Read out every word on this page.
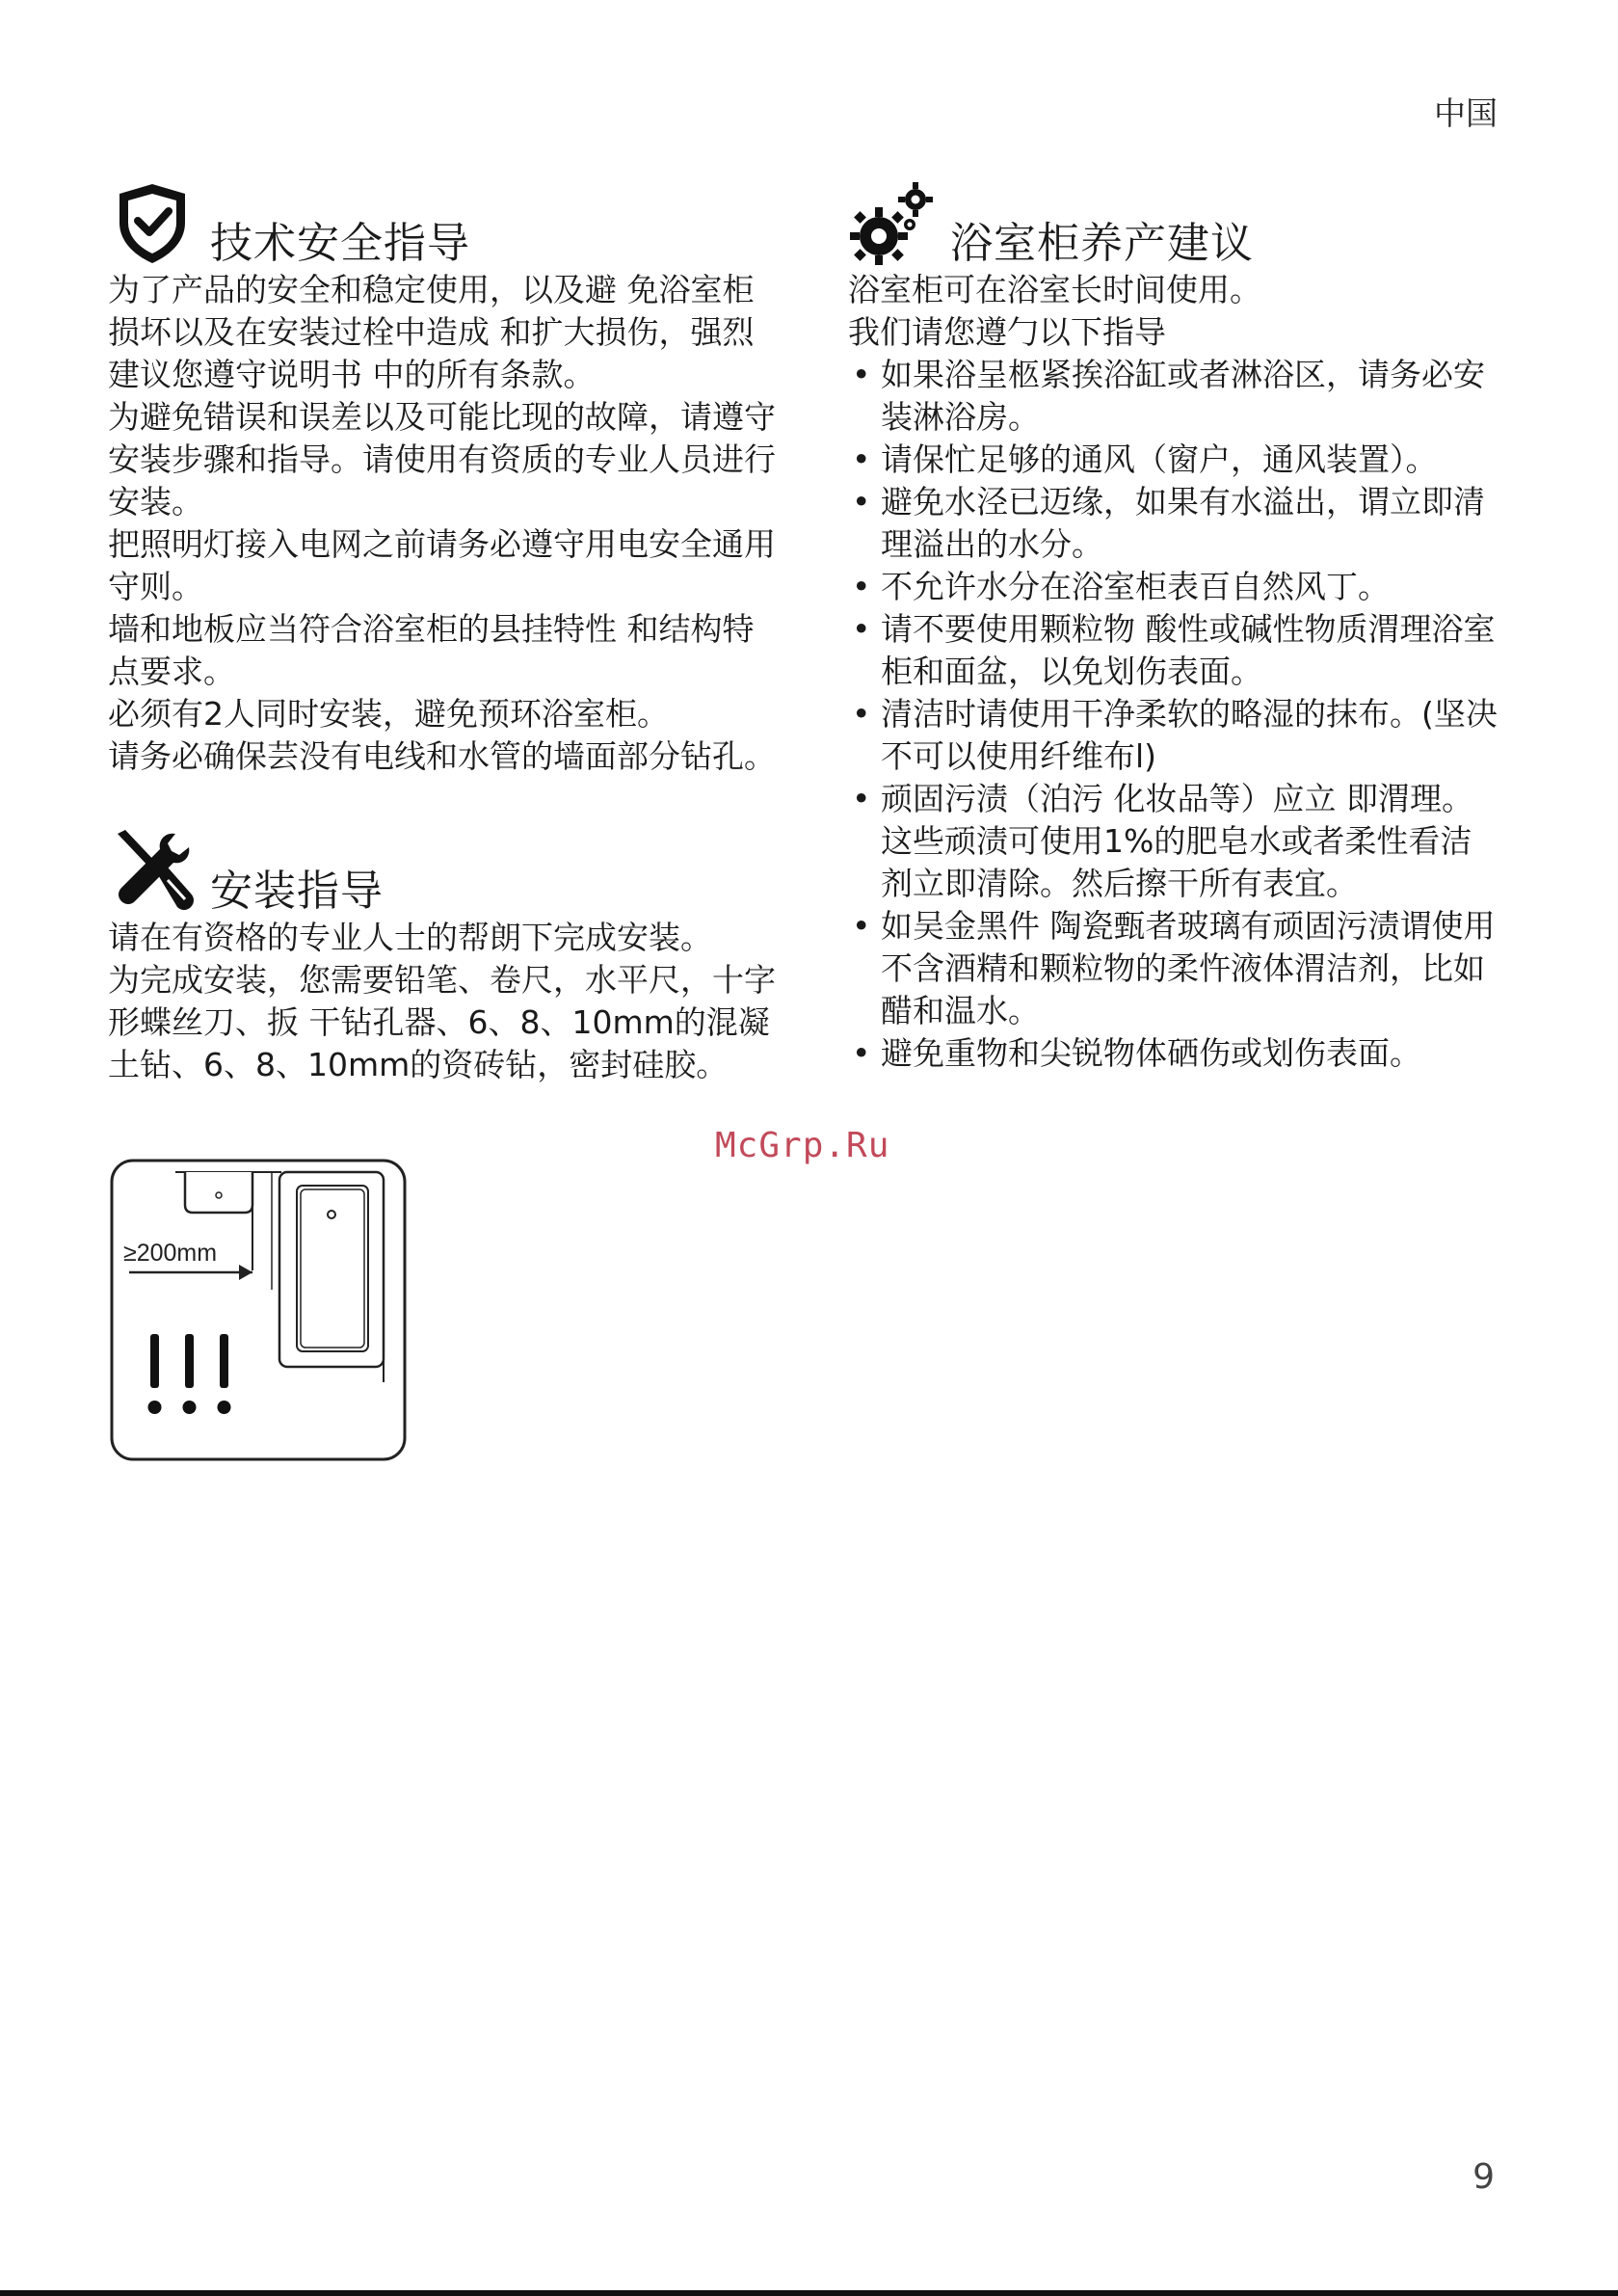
中国
技术安全指导

为了产品的安全和稳定使用，以及避 免浴室柜损坏以及在安装过栓中造成 和扩大损伤，强烈建议您遵守说明书 中的所有条款。

为避免错误和误差以及可能比现的故障，请遵守安装步骤和指导。请使用有资质的专业人员进行安装。

把照明灯接入电网之前请务必遵守用电安全通用守则。

墙和地板应当符合浴室柜的县挂特性 和结构特点要求。

必须有2人同时安装，避免预环浴室柜。

请务必确保芸没有电线和水管的墙面部分钻孔。

安装指导

请在有资格的专业人士的帮朗下完成安装。

为完成安装，您需要铅笔、卷尺，水平尺，十字形蝶丝刀、扳 干钻孔器、6、8、10mm的混凝土钻、6、8、10mm的资砖钻，密封硅胶。

≥200mm
浴室柜养产建议

浴室柜可在浴室长时间使用。

我们请您遵勹以下指导

• 如果浴呈柩紧挨浴缸或者淋浴区，请务必安装淋浴房。
• 请保忙足够的通风（窗户，通风装置）。
• 避免水泾已迈缘，如果有水溢出，谓立即清理溢出的水分。
• 不允许水分在浴室柜表百自然风丁。
• 请不要使用颗粒物 酸性或碱性物质渭理浴室柜和面盆，以免划伤表面。
• 清洁时请使用干净柔软的略湿的抹布。(坚决不可以使用纤维布l)
• 顽固污渍（泊污 化妆品等）应立 即渭理。这些顽渍可使用1%的肥皂水或者柔性看洁剂立即清除。然后擦干所有表宜。
• 如吴金黑件 陶瓷甄者玻璃有顽固污渍谓使用不含酒精和颗粒物的柔忤液体渭洁剂，比如醋和温水。
• 避免重物和尖锐物体硒伤或划伤表面。
McGrp.Ru
9
